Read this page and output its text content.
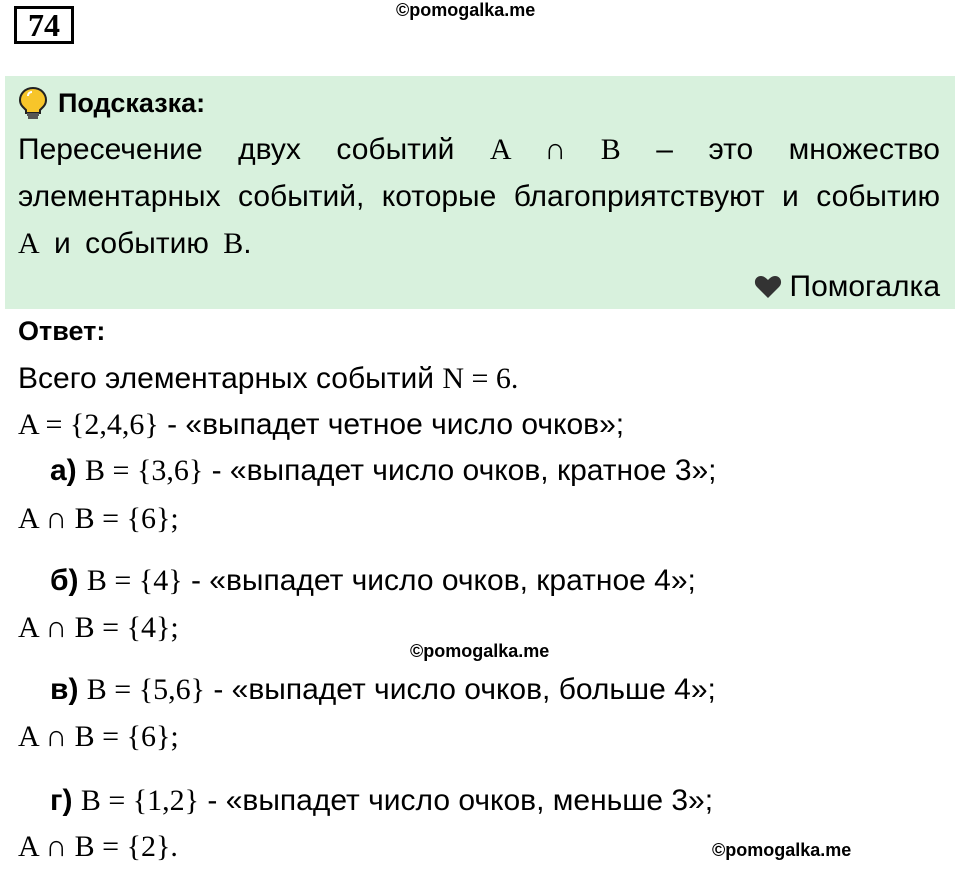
74	©pomogalka.me
©pomogalka.me
©pomogalka.me
Подсказка:
Пересечение двух событий A ∩ B – это множество элементарных событий, которые благоприятствуют и событию A и событию B.
Помогалка
Ответ:
Всего элементарных событий N = 6.
A = {2,4,6} - «выпадет четное число очков»;
а) B = {3,6} - «выпадет число очков, кратное 3»;
A ∩ B = {6};
б) B = {4} - «выпадет число очков, кратное 4»;
A ∩ B = {4};
в) B = {5,6} - «выпадет число очков, больше 4»;
A ∩ B = {6};
г) B = {1,2} - «выпадет число очков, меньше 3»;
A ∩ B = {2}.
